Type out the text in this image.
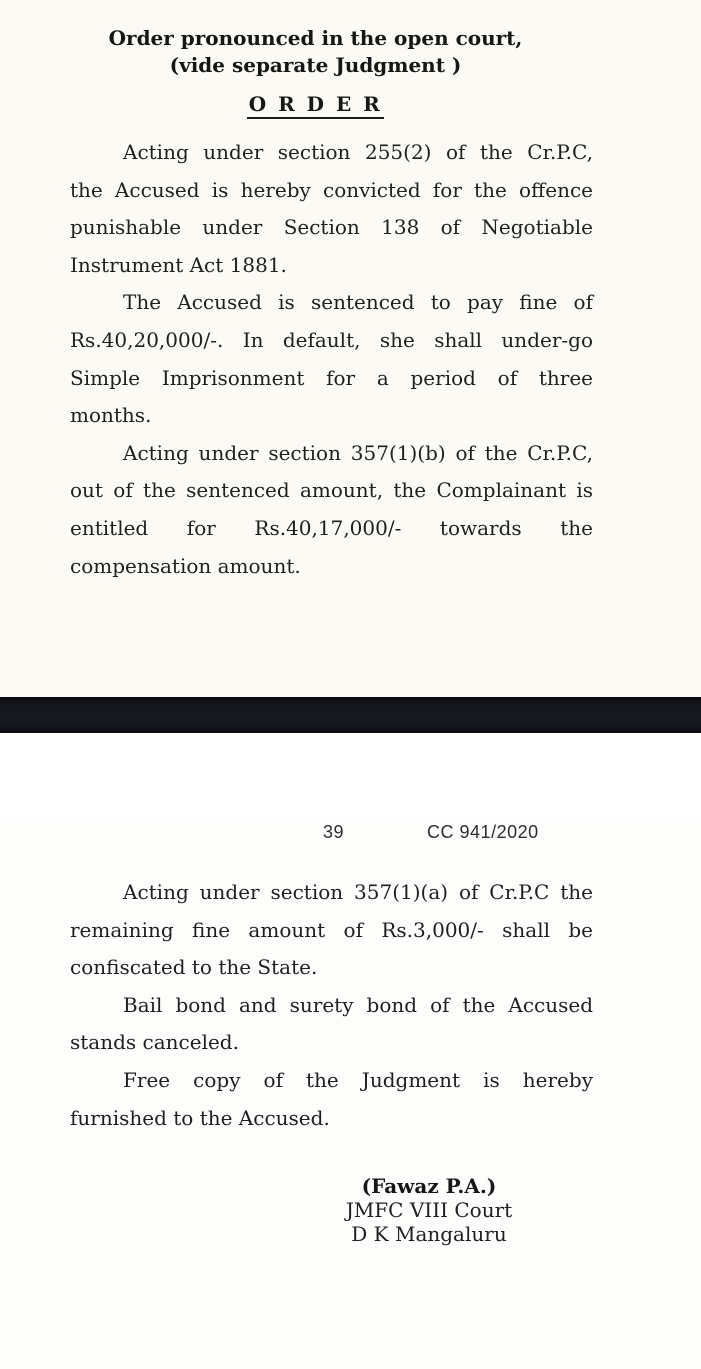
Order pronounced in the open court,
(vide separate Judgment )
O R D E R
Acting under section 255(2) of the Cr.P.C,
the Accused is hereby convicted for the offence
punishable under Section 138 of Negotiable
Instrument Act 1881.
The Accused is sentenced to pay fine of
Rs.40,20,000/-. In default, she shall under-go
Simple Imprisonment for a period of three
months.
Acting under section 357(1)(b) of the Cr.P.C,
out of the sentenced amount, the Complainant is
entitled for Rs.40,17,000/- towards the
compensation amount.
39	CC 941/2020
Acting under section 357(1)(a) of Cr.P.C the
remaining fine amount of Rs.3,000/- shall be
confiscated to the State.
Bail bond and surety bond of the Accused
stands canceled.
Free copy of the Judgment is hereby
furnished to the Accused.
(Fawaz P.A.)
JMFC VIII Court
D K Mangaluru
